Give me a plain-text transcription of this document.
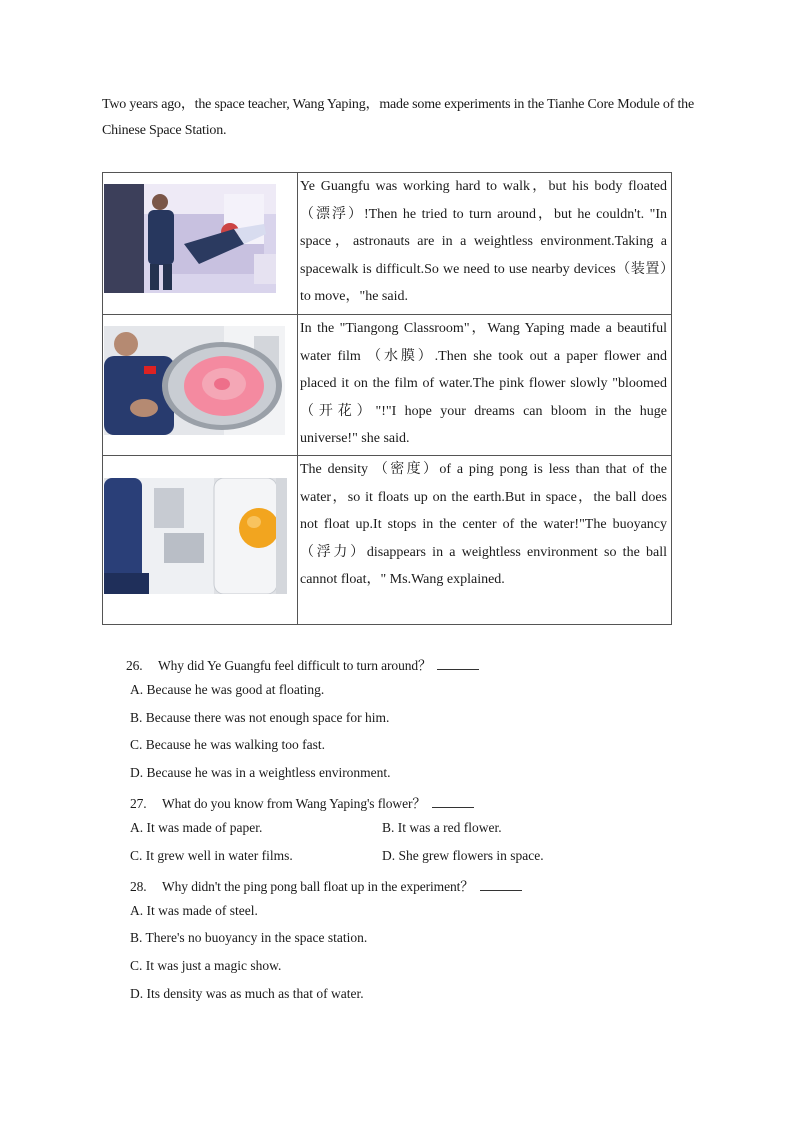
Two years ago，the space teacher, Wang Yaping，made some experiments in the Tianhe Core Module of the Chinese Space Station.
	Ye Guangfu was working hard to walk，but his body floated （漂浮）!Then he tried to turn around，but he couldn't. "In space，astronauts are in a weightless environment.Taking a spacewalk is difficult.So we need to use nearby devices（装置）to move，"he said.

	In the "Tiangong Classroom"，Wang Yaping made a beautiful water film （水膜）.Then she took out a paper flower and placed it on the film of water.The pink flower slowly "bloomed（开花）"!"I hope your dreams can bloom in the huge universe!" she said.

	The density （密度）of a ping pong is less than that of the water，so it floats up on the earth.But in space，the ball does not float up.It stops in the center of the water!"The buoyancy （浮力）disappears in a weightless environment so the ball cannot float，" Ms.Wang explained.
26. Why did Ye Guangfu feel difficult to turn around？
A. Because he was good at floating.
B. Because there was not enough space for him.
C. Because he was walking too fast.
D. Because he was in a weightless environment.
27. What do you know from Wang Yaping's flower？
A. It was made of paper.	B. It was a red flower.
C. It grew well in water films.	D. She grew flowers in space.
28. Why didn't the ping pong ball float up in the experiment？
A. It was made of steel.
B. There's no buoyancy in the space station.
C. It was just a magic show.
D. Its density was as much as that of water.
